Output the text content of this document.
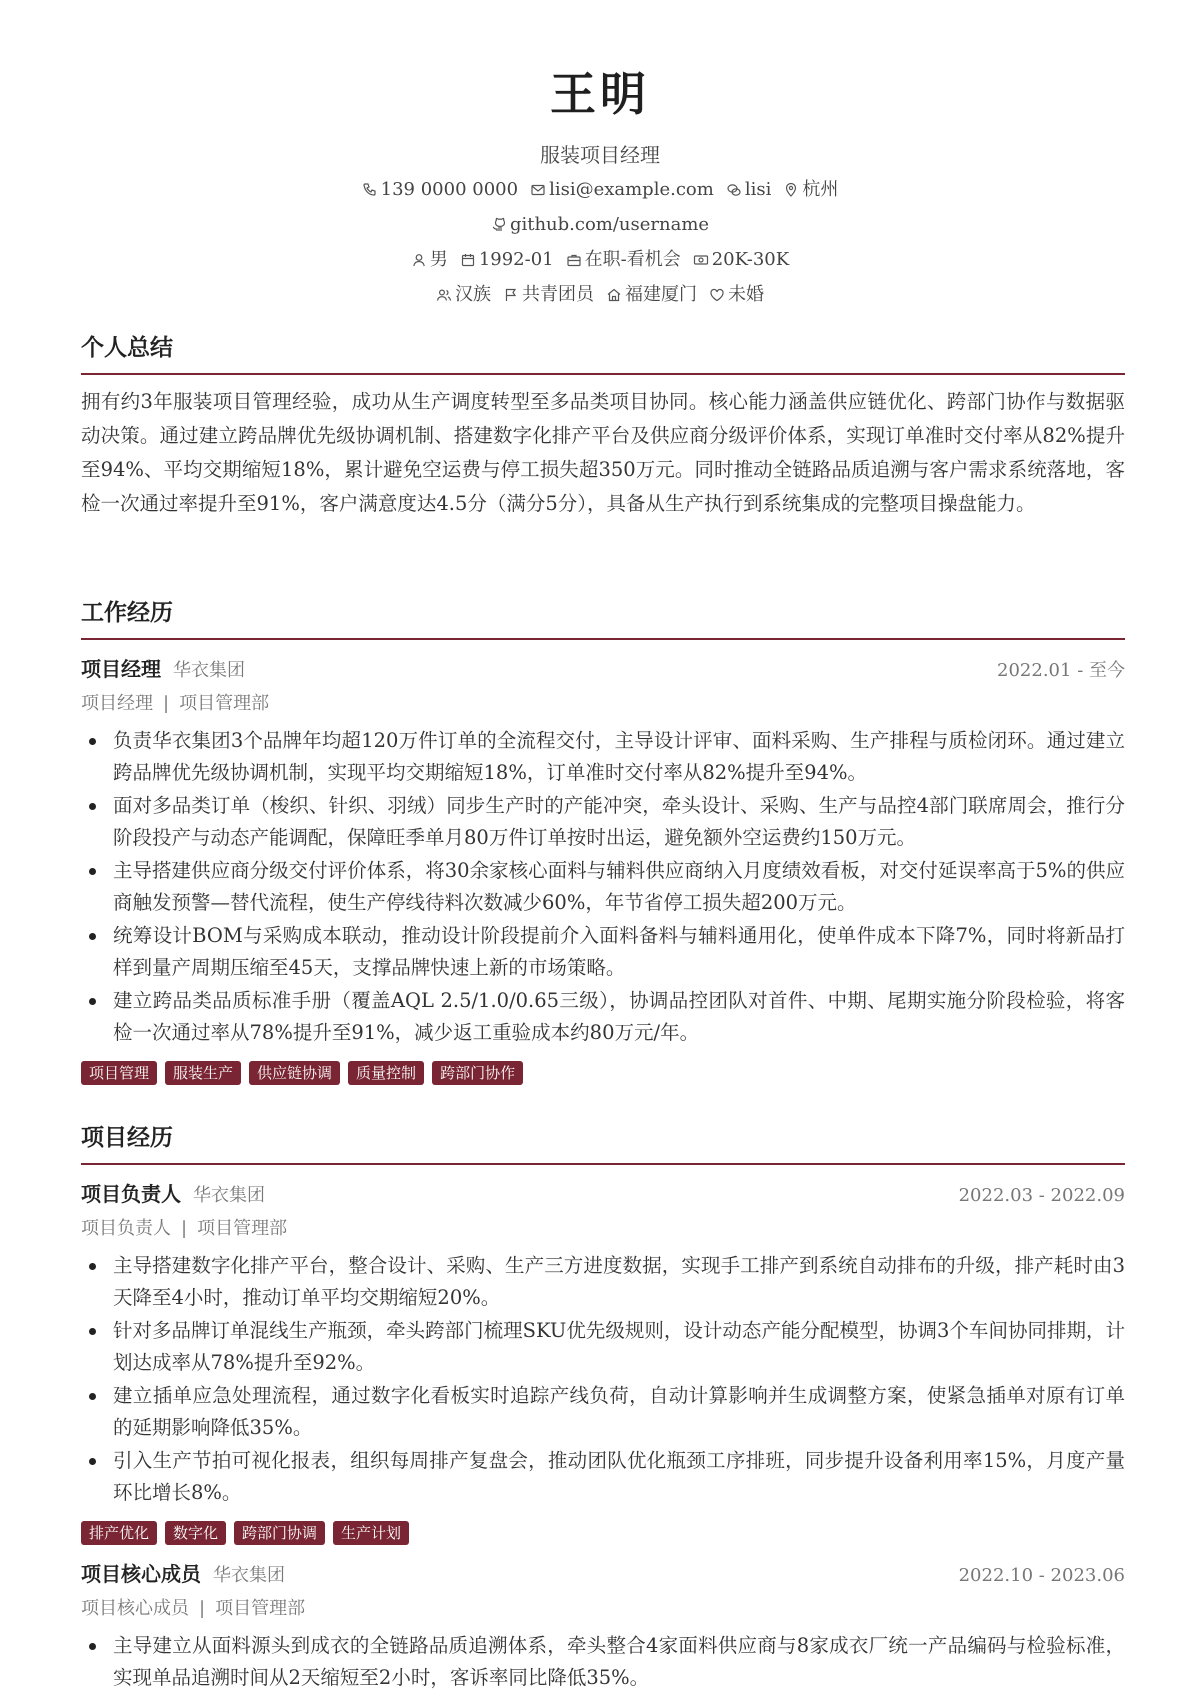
王明
服装项目经理
139 0000 0000 lisi@example.com lisi 杭州
github.com/username
男 1992-01 在职-看机会 20K-30K
汉族 共青团员 福建厦门 未婚
个人总结

拥有约3年服装项目管理经验，成功从生产调度转型至多品类项目协同。核心能力涵盖供应链优化、跨部门协作与数据驱动决策。通过建立跨品牌优先级协调机制、搭建数字化排产平台及供应商分级评价体系，实现订单准时交付率从82%提升至94%、平均交期缩短18%，累计避免空运费与停工损失超350万元。同时推动全链路品质追溯与客户需求系统落地，客检一次通过率提升至91%，客户满意度达4.5分（满分5分），具备从生产执行到系统集成的完整项目操盘能力。

工作经历
项目经理 华衣集团	2022.01 - 至今
项目经理 | 项目管理部
负责华衣集团3个品牌年均超120万件订单的全流程交付，主导设计评审、面料采购、生产排程与质检闭环。通过建立跨品牌优先级协调机制，实现平均交期缩短18%，订单准时交付率从82%提升至94%。
面对多品类订单（梭织、针织、羽绒）同步生产时的产能冲突，牵头设计、采购、生产与品控4部门联席周会，推行分阶段投产与动态产能调配，保障旺季单月80万件订单按时出运，避免额外空运费约150万元。
主导搭建供应商分级交付评价体系，将30余家核心面料与辅料供应商纳入月度绩效看板，对交付延误率高于5%的供应商触发预警—替代流程，使生产停线待料次数减少60%，年节省停工损失超200万元。
统筹设计BOM与采购成本联动，推动设计阶段提前介入面料备料与辅料通用化，使单件成本下降7%，同时将新品打样到量产周期压缩至45天，支撑品牌快速上新的市场策略。
建立跨品类品质标准手册（覆盖AQL 2.5/1.0/0.65三级），协调品控团队对首件、中期、尾期实施分阶段检验，将客检一次通过率从78%提升至91%，减少返工重验成本约80万元/年。
项目管理	服装生产	供应链协调	质量控制	跨部门协作
项目经历
项目负责人 华衣集团	2022.03 - 2022.09
项目负责人 | 项目管理部
主导搭建数字化排产平台，整合设计、采购、生产三方进度数据，实现手工排产到系统自动排布的升级，排产耗时由3天降至4小时，推动订单平均交期缩短20%。
针对多品牌订单混线生产瓶颈，牵头跨部门梳理SKU优先级规则，设计动态产能分配模型，协调3个车间协同排期，计划达成率从78%提升至92%。
建立插单应急处理流程，通过数字化看板实时追踪产线负荷，自动计算影响并生成调整方案，使紧急插单对原有订单的延期影响降低35%。
引入生产节拍可视化报表，组织每周排产复盘会，推动团队优化瓶颈工序排班，同步提升设备利用率15%，月度产量环比增长8%。
排产优化	数字化	跨部门协调	生产计划
项目核心成员 华衣集团	2022.10 - 2023.06
项目核心成员 | 项目管理部
主导建立从面料源头到成衣的全链路品质追溯体系，牵头整合4家面料供应商与8家成衣厂统一产品编码与检验标准，实现单品追溯时间从2天缩短至2小时，客诉率同比降低35%。
